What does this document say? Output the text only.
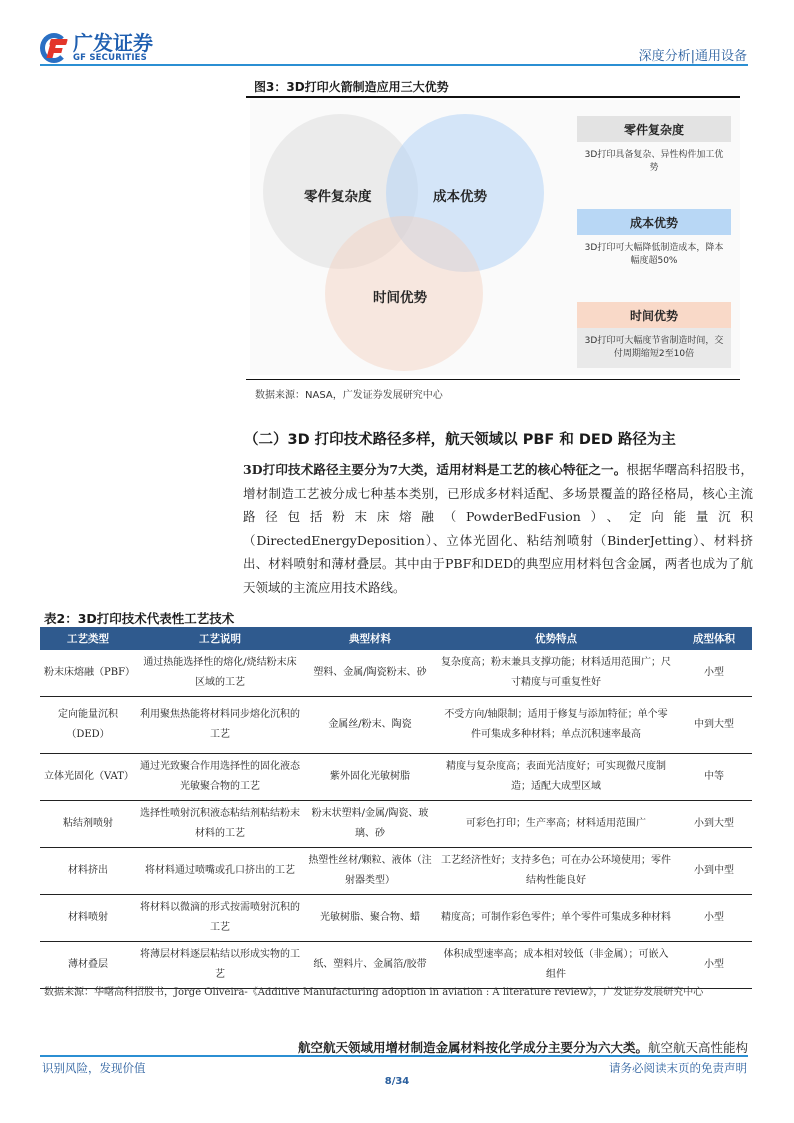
广发证券
GF SECURITIES	深度分析|通用设备
图3：3D打印火箭制造应用三大优势
零件复杂度	成本优势
时间优势
零件复杂度
3D打印具备复杂、异性构件加工优势
成本优势
3D打印可大幅降低制造成本，降本幅度超50%
时间优势
3D打印可大幅度节省制造时间，交付周期缩短2至10倍
数据来源：NASA，广发证券发展研究中心
（二）3D 打印技术路径多样，航天领域以 PBF 和 DED 路径为主
3D打印技术路径主要分为7大类，适用材料是工艺的核心特征之一。根据华曙高科招股书，增材制造工艺被分成七种基本类别，已形成多材料适配、多场景覆盖的路径格局，核心主流路径包括粉末床熔融（PowderBedFusion）、定向能量沉积（DirectedEnergyDeposition）、立体光固化、粘结剂喷射（BinderJetting）、材料挤出、材料喷射和薄材叠层。其中由于PBF和DED的典型应用材料包含金属，两者也成为了航天领域的主流应用技术路线。
表2：3D打印技术代表性工艺技术
工艺类型	工艺说明	典型材料	优势特点	成型体积
粉末床熔融（PBF）	通过热能选择性的熔化/烧结粉末床区域的工艺	塑料、金属/陶瓷粉末、砂	复杂度高；粉末兼具支撑功能；材料适用范围广；尺寸精度与可重复性好	小型
定向能量沉积（DED）	利用聚焦热能将材料同步熔化沉积的工艺	金属丝/粉末、陶瓷	不受方向/轴限制；适用于修复与添加特征；单个零件可集成多种材料；单点沉积速率最高	中到大型
立体光固化（VAT）	通过光致聚合作用选择性的固化液态光敏聚合物的工艺	紫外固化光敏树脂	精度与复杂度高；表面光洁度好；可实现微尺度制造；适配大成型区域	中等
粘结剂喷射	选择性喷射沉积液态粘结剂粘结粉末材料的工艺	粉末状塑料/金属/陶瓷、玻璃、砂	可彩色打印；生产率高；材料适用范围广	小到大型
材料挤出	将材料通过喷嘴或孔口挤出的工艺	热塑性丝材/颗粒、液体（注射器类型）	工艺经济性好；支持多色；可在办公环境使用；零件结构性能良好	小到中型
材料喷射	将材料以微滴的形式按需喷射沉积的工艺	光敏树脂、聚合物、蜡	精度高；可制作彩色零件；单个零件可集成多种材料	小型
薄材叠层	将薄层材料逐层粘结以形成实物的工艺	纸、塑料片、金属箔/胶带	体积成型速率高；成本相对较低（非金属）；可嵌入组件	小型
数据来源：华曙高科招股书，Jorge Oliveira-《Additive Manufacturing adoption in aviation : A literature review》，广发证券发展研究中心
航空航天领域用增材制造金属材料按化学成分主要分为六大类。航空航天高性能构
识别风险，发现价值	请务必阅读末页的免责声明
8/34
